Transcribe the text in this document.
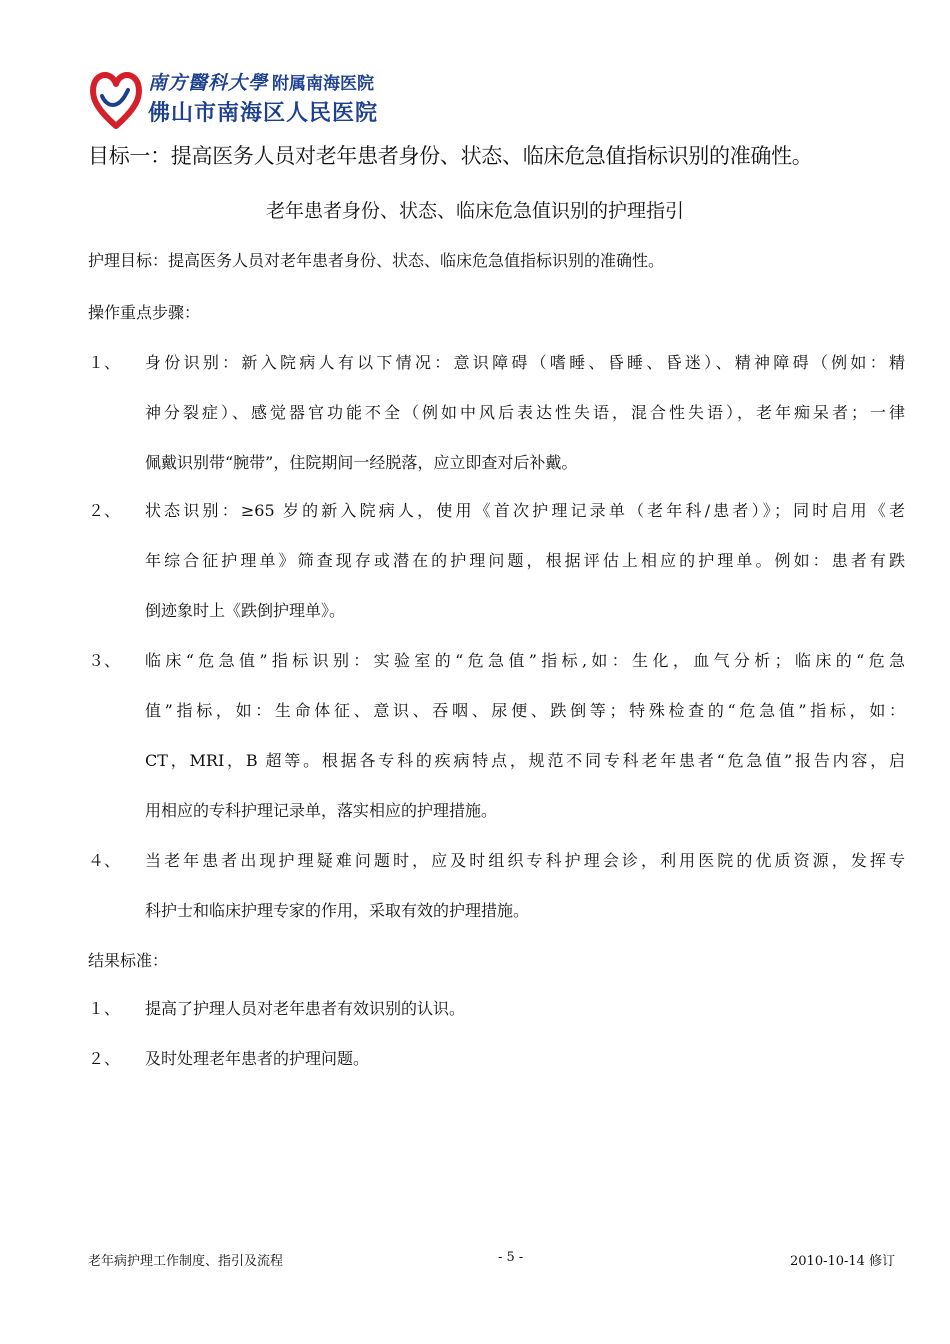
南方醫科大學 附属南海医院
佛山市南海区人民医院
目标一：提高医务人员对老年患者身份、状态、临床危急值指标识别的准确性。
老年患者身份、状态、临床危急值识别的护理指引
护理目标：提高医务人员对老年患者身份、状态、临床危急值指标识别的准确性。
操作重点步骤：
１、 身份识别：新入院病人有以下情况：意识障碍（嗜睡、昏睡、昏迷）、精神障碍（例如：精
神分裂症）、感觉器官功能不全（例如中风后表达性失语，混合性失语），老年痴呆者；一律
佩戴识别带“腕带”，住院期间一经脱落，应立即查对后补戴。
２、 状态识别：≥65 岁的新入院病人，使用《首次护理记录单（老年科/患者）》；同时启用《老
年综合征护理单》筛查现存或潜在的护理问题，根据评估上相应的护理单。例如：患者有跌
倒迹象时上《跌倒护理单》。
３、 临床“危急值”指标识别：实验室的“危急值”指标,如：生化，血气分析；临床的“危急
值”指标，如：生命体征、意识、吞咽、尿便、跌倒等；特殊检查的“危急值”指标，如：
CT，MRI，B 超等。根据各专科的疾病特点，规范不同专科老年患者“危急值”报告内容，启
用相应的专科护理记录单，落实相应的护理措施。
４、 当老年患者出现护理疑难问题时，应及时组织专科护理会诊，利用医院的优质资源，发挥专
科护士和临床护理专家的作用，采取有效的护理措施。
结果标准：
１、 提高了护理人员对老年患者有效识别的认识。
２、 及时处理老年患者的护理问题。
老年病护理工作制度、指引及流程	- 5 -	2010-10-14 修订
